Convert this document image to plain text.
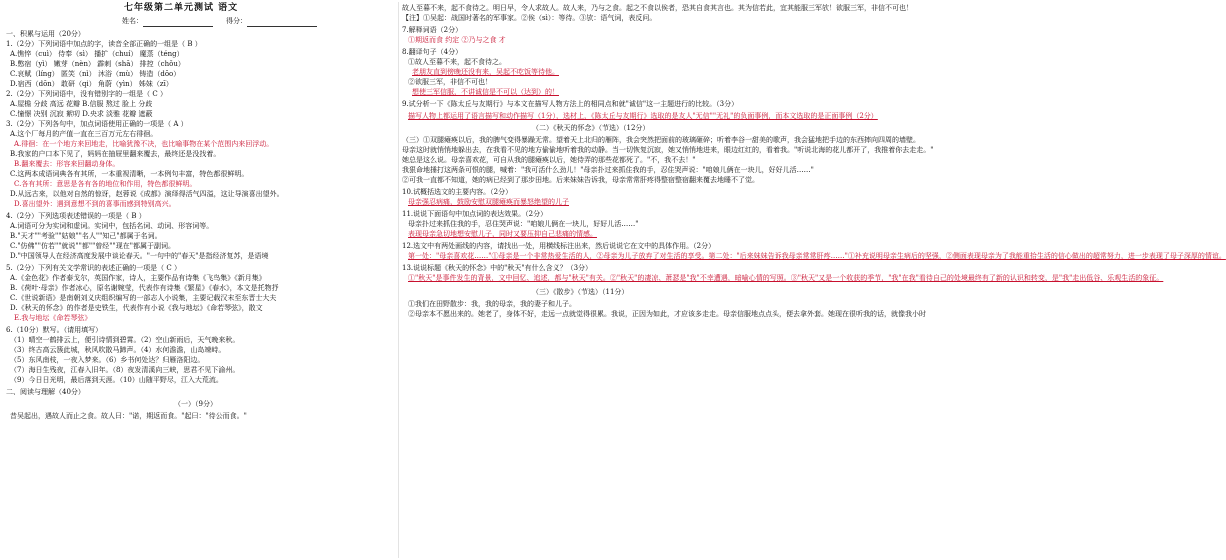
七年级第二单元测试 语文
姓名：	得分：
一、积累与运用（20分）
1.（2分）下列词语中加点的字，读音全部正确的一组是（ B ）
A.憔悴（cuì） 侍奉（sì） 播扩（chuí） 魔蒸（téng）
B.憋宿（yì） 嫩芽（nèn） 霹刺（shā） 排控（chǒu）
C.哀赋（líng） 匿笑（nì） 沐浴（mù） 铸造（dōo）
D.宿西（dōn） 敢研（qi） 角蔚（yìn） 姊妹（zī）
2.（2分）下列词语中，没有错别字的一组是（ C ）
A.屋檐 分歧 高远 花瓣 B.信服 熬过 脸上 分歧
C.憧憬 决别 沉寂 絮叨 D.央求 淡雅 花瓣 遮蔽
3.（2分）下列各句中，加点词语使用正确的一项是（ A ）
A.这个厂每月的产值一直在三百万元左右徘徊。
A.徘徊：在一个地方来回地走，比喻犹豫不决，也比喻事物在某个范围内来回浮动。
B.我家的户口本下见了，妈妈在抽屉里翻来覆去，最终还是没找着。
B.翻来覆去：形容来回翻动身体。
C.这两本成语词典各有其所，一本重视清晰，一本例句丰富，特色都很鲜明。
C.各有其所：意思是各有各的地位和作用，特色都很鲜明。
D.从远古来，以他对自然的惊讶，赵蓉说《成都》演绎得活气四溢，这让导演喜出望外。
D.喜出望外：遇到意想不到的喜事而感到特别高兴。
4.（2分）下列选项表述错误的一项是（ B ）
A.词语可分为实词和虚词。实词中，包括名词、动词、形容词等。
B."天才""考验""姑娘""名人""知己"都属于名词。
C."仿佛""仿若""就说""都""曾经""现在"都属于副词。
D."中国领导人在经济高度发展中谈论春天。"一句中的"春天"是指经济复苏，是语境
5.（2分）下列有关文学常识的表述正确的一项是（ C ）
A.《金色花》作者泰戈尔，英国作家，诗人，主要作品有诗集《飞鸟集》《新月集》
B.《荷叶·母亲》作者冰心，原名谢婉莹，代表作有诗集《繁星》《春水》，本文是托物抒
C.《世说新语》是南朝刘义庆组织编写的一部志人小说集，主要记载汉末至东晋士大夫
D.《秋天的怀念》的作者是史铁生，代表作有小说《我与地坛》《命若琴弦》，散文
E.我与地坛《命若琴弦》
6.（10分）默写。（请用填写）
（1）晴空一鹤排云上，便引诗情到碧霄。（2）空山新雨后，天气晚来秋。
（3）终古高云簇此城，秋风吹散马蹄声。（4）水何澹澹，山岛竦峙。
（5）东风南枝，一夜入梦来。（6）乡书何处达？归雁洛阳边。
（7）海日生残夜，江春入旧年。（8）夜发清溪向三峡，思君不见下渝州。
（9）今日日光明，最后落到天涯。（10）山随平野尽，江入大荒流。
二、阅读与理解（40分）
（一）（9分）
昔吴起出，遇故人而止之食。故人曰："诺，期返而食。"起曰："待公而食。"
故人至暮不来，起不食待之。明日早，令人求故人。故人来，乃与之食。起之不食以俟者，恐其自食其言也。其为信若此，宜其能服三军欤！欲服三军，非信不可也！
【注】①吴起：战国时著名的军事家。②俟（sì）：等待。③欤：语气词，表反问。
7.解释词语（2分）
①期返而食 约定 ②乃与之食 才
8.翻译句子（4分）
①故人至暮不来，起不食待之。
老朋友直到傍晚还没有来，吴起不吃饭等待他。
②欲服三军，非信不可也！
想使三军信服，不讲诚信是不可以（达到）的！
9.试分析一下《陈太丘与友期行》与本文在描写人物方法上的相同点和就"诚信"这一主题进行的比较。（3分）
描写人物上都运用了语言描写和动作描写（1分），选材上，《陈太丘与友期行》选取的是友人"无信""无礼"的负面事例，而本文选取的是正面事例（2分）
（二）《秋天的怀念》（节选）（12分）
（三）①双腿瘫痪以后，我的脾气变得暴躁无常。望着天上北归的雁阵，我会突然把面前的玻璃砸碎；听着李谷一甜美的歌声，我会猛地把手边的东西摔向四周的墙壁。
母亲这时就悄悄地躲出去，在我看不见的地方偷偷地听着我的动静。当一切恢复沉寂，她又悄悄地进来，眼边红红的，看着我。"听说北海的花儿都开了，我推着你去走走。"
她总是这么说。母亲喜欢花，可自从我的腿瘫痪以后，她侍弄的那些花都死了。"不，我不去！"
我狠命地捶打这两条可恨的腿，喊着："我可活什么劲儿！"母亲扑过来抓住我的手，忍住哭声说："咱娘儿俩在一块儿，好好儿活……"
②可我一直都不知道，她的病已经到了那步田地。后来妹妹告诉我，母亲常常肝疼得整宿整宿翻来覆去地睡不了觉。
10.试概括选文的主要内容。（2分）
母亲强忍病痛，鼓励安慰双腿瘫痪而暴怒绝望的儿子
11.说说下面语句中加点词的表达效果。（2分）
母亲扑过来抓住我的手，忍住哭声说："咱娘儿俩在一块儿，好好儿活……"
表现母亲急切地想安慰儿子，同时又要压抑自己悲痛的情感。
12.选文中有两处画线的内容，请找出一处，用横线标注出来，然后说说它在文中的具体作用。（2分）
第一处："母亲喜欢花……"①母亲是一个非常热爱生活的人，②母亲为儿子放弃了对生活的享受。第二处："后来妹妹告诉我母亲常常肝疼……"①补充说明母亲生病后的坚强，②侧面表现母亲为了我能重拾生活的信心做出的超常努力，进一步表现了母子深厚的情谊。
13.说说标题《秋天的怀念》中的"秋天"有什么含义？（3分）
①"秋天"是事件发生的背景，文中回忆、追述，都与"秋天"有关。②"秋天"的凄凉、萧瑟是"我"不幸遭遇，暗喻心情的写照。③"秋天"又是一个收获的季节，"我"在我"看待自己的处境最终有了新的认识和转变，是"我"走出低谷、乐观生活的象征。
（三）《散步》（节选）（11分）
①我们在田野散步：我，我的母亲，我的妻子和儿子。
②母亲本不愿出来的。她老了，身体不好，走远一点就觉得很累。我说，正因为如此，才应该多走走。母亲信服地点点头，便去拿外套。她现在很听我的话，就像我小时
